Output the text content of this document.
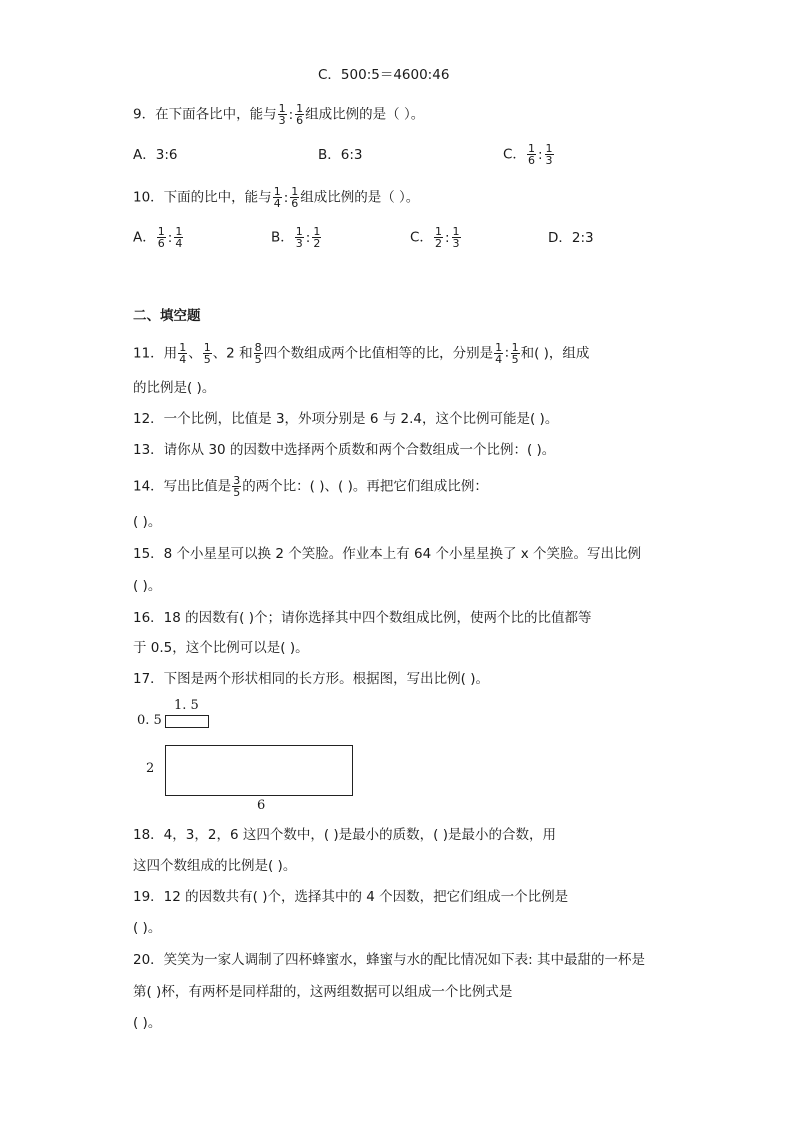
C．500:5＝4600:46
9．在下面各比中，能与 $\frac{1}{3}$ : $\frac{1}{6}$ 组成比例的是（ ）。
A．3:6	B．6:3	C． $\frac{1}{6}$ : $\frac{1}{3}$
10．下面的比中，能与 $\frac{1}{4}$ : $\frac{1}{6}$ 组成比例的是（ ）。
A． $\frac{1}{6}$ : $\frac{1}{4}$	B． $\frac{1}{3}$ : $\frac{1}{2}$	C． $\frac{1}{2}$ : $\frac{1}{3}$	D．2:3
二、填空题
11．用 $\frac{1}{4}$ 、 $\frac{1}{5}$ 、2 和 $\frac{8}{5}$ 四个数组成两个比值相等的比，分别是 $\frac{1}{4}$ ∶ $\frac{1}{5}$ 和( )，组成
的比例是( )。
12．一个比例，比值是 3，外项分别是 6 与 2.4，这个比例可能是( )。
13．请你从 30 的因数中选择两个质数和两个合数组成一个比例：( )。
14．写出比值是 $\frac{3}{5}$ 的两个比：( )、( )。再把它们组成比例：
( )。
15．8 个小星星可以换 2 个笑脸。作业本上有 64 个小星星换了 x 个笑脸。写出比例
( )。
16．18 的因数有( )个；请你选择其中四个数组成比例，使两个比的比值都等
于 0.5，这个比例可以是( )。
17．下图是两个形状相同的长方形。根据图，写出比例( )。
1. 5
0. 5
2
6
18．4，3，2，6 这四个数中，( )是最小的质数，( )是最小的合数，用
这四个数组成的比例是( )。
19．12 的因数共有( )个，选择其中的 4 个因数，把它们组成一个比例是
( )。
20．笑笑为一家人调制了四杯蜂蜜水，蜂蜜与水的配比情况如下表: 其中最甜的一杯是
第( )杯，有两杯是同样甜的，这两组数据可以组成一个比例式是
( )。
